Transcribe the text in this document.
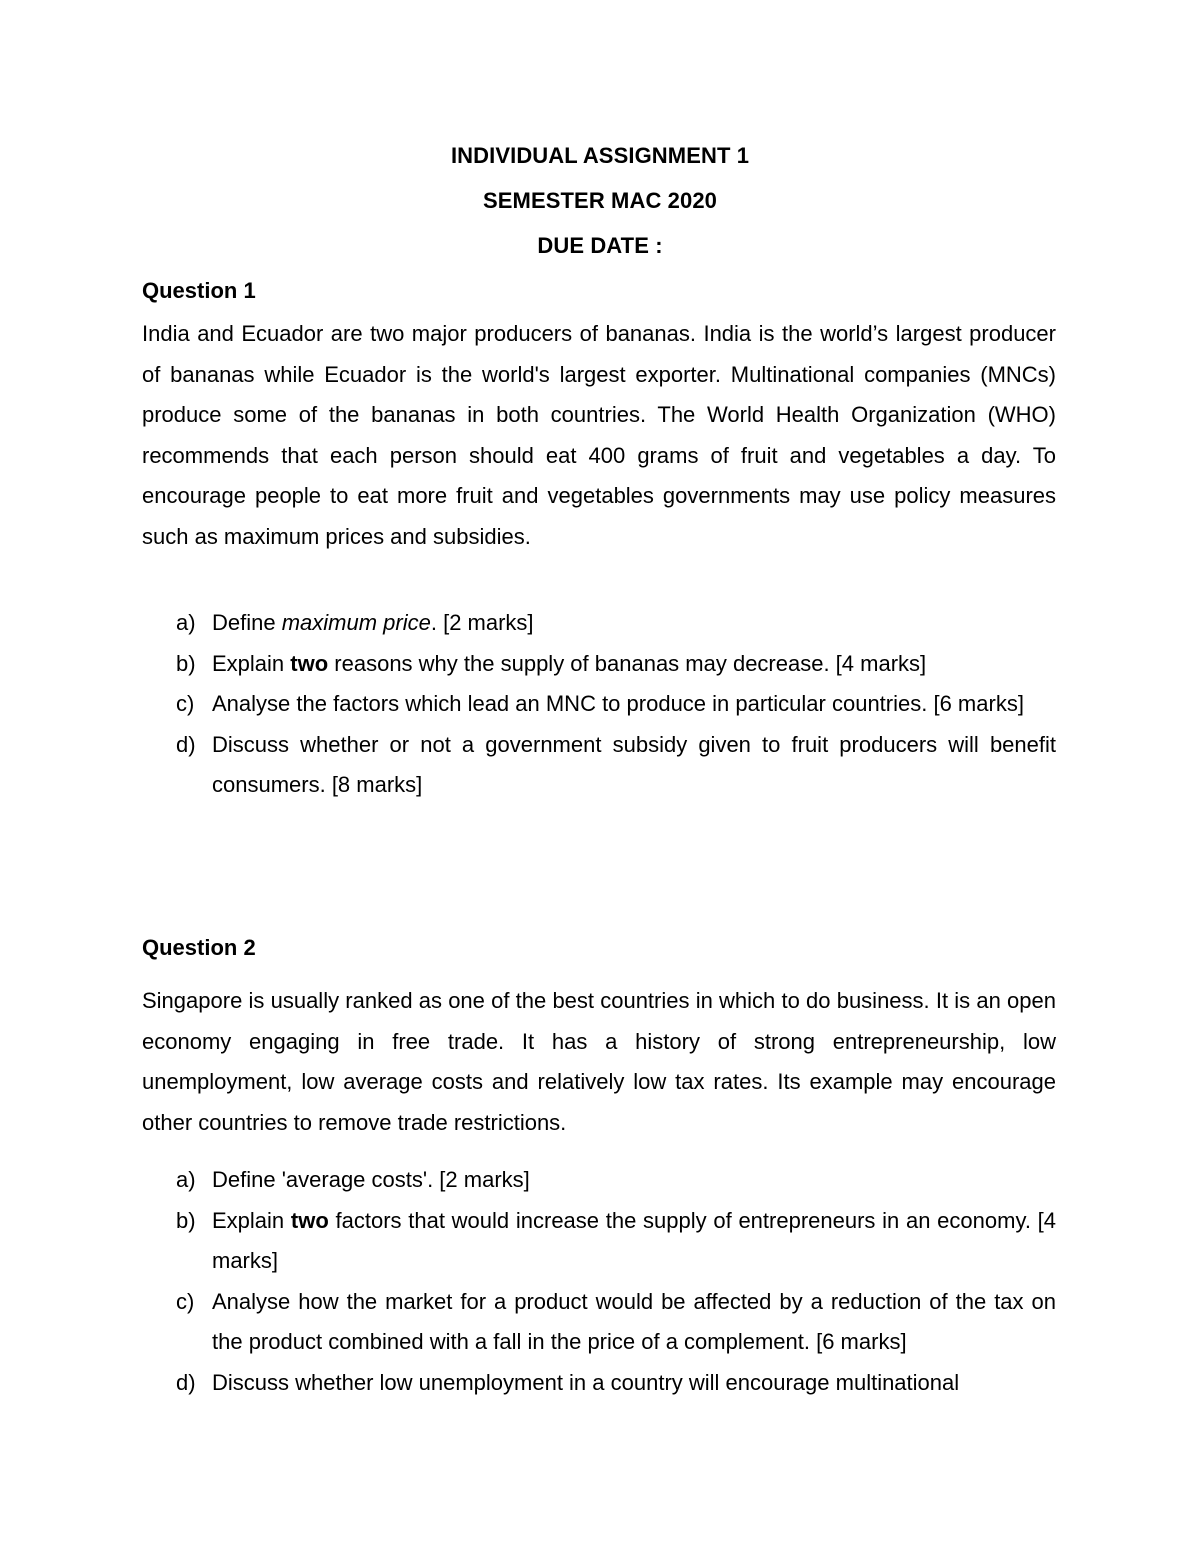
INDIVIDUAL ASSIGNMENT 1

SEMESTER MAC 2020

DUE DATE :

Question 1

India and Ecuador are two major producers of bananas. India is the world’s largest producer of bananas while Ecuador is the world's largest exporter. Multinational companies (MNCs) produce some of the bananas in both countries. The World Health Organization (WHO) recommends that each person should eat 400 grams of fruit and vegetables a day. To encourage people to eat more fruit and vegetables governments may use policy measures such as maximum prices and subsidies.

a) Define maximum price. [2 marks]
b) Explain two reasons why the supply of bananas may decrease. [4 marks]
c) Analyse the factors which lead an MNC to produce in particular countries. [6 marks]
d) Discuss whether or not a government subsidy given to fruit producers will benefit consumers. [8 marks]

Question 2

Singapore is usually ranked as one of the best countries in which to do business. It is an open economy engaging in free trade. It has a history of strong entrepreneurship, low unemployment, low average costs and relatively low tax rates. Its example may encourage other countries to remove trade restrictions.

a) Define 'average costs'. [2 marks]
b) Explain two factors that would increase the supply of entrepreneurs in an economy. [4 marks]
c) Analyse how the market for a product would be affected by a reduction of the tax on the product combined with a fall in the price of a complement. [6 marks]
d) Discuss whether low unemployment in a country will encourage multinational
